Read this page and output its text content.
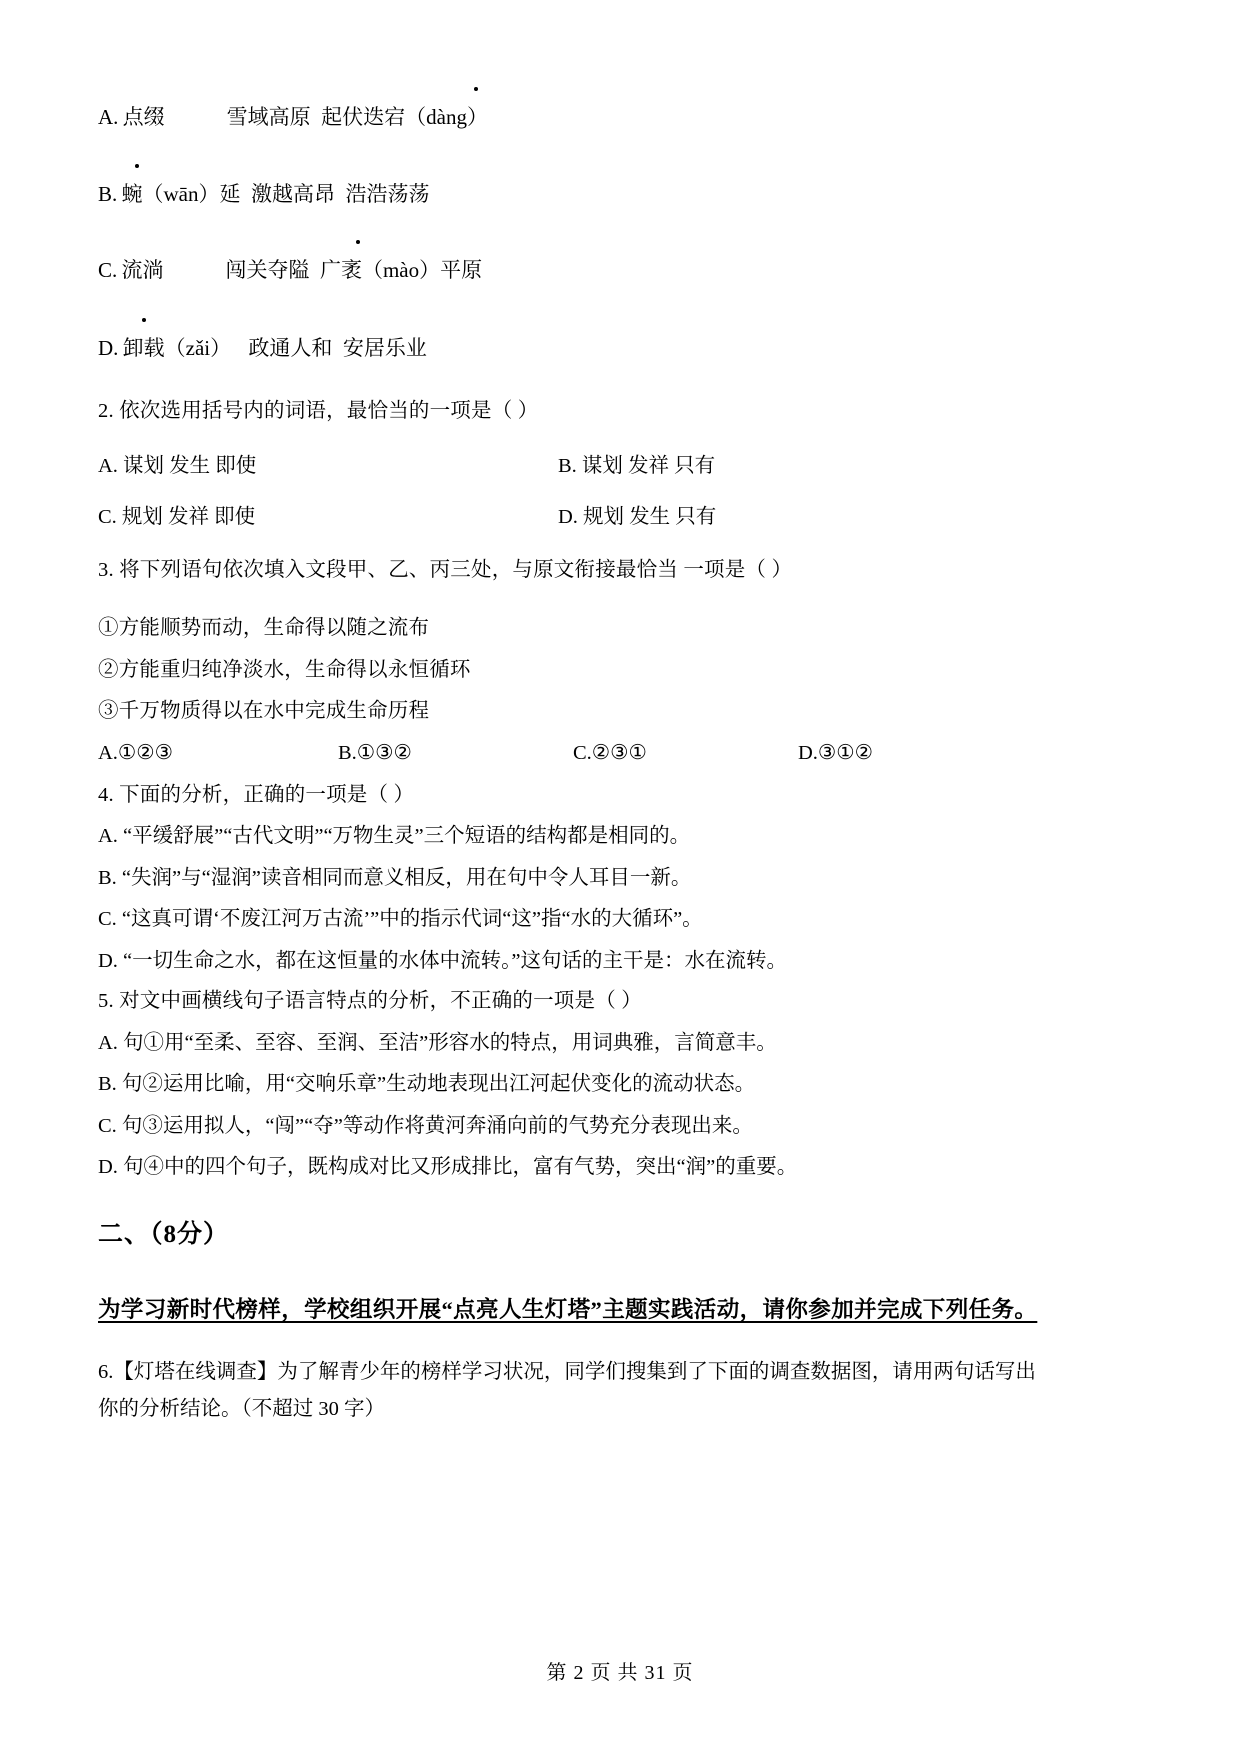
A. 点缀	雪域高原  起伏迭宕（dàng）
B. 蜿（wān）延  激越高昂  浩浩荡荡
C. 流淌	闯关夺隘  广袤（mào）平原
D. 卸载（zǎi） 政通人和  安居乐业
2. 依次选用括号内的词语，最恰当的一项是（ ）
A. 谋划 发生 即使	B. 谋划 发祥 只有
C. 规划 发祥 即使	D. 规划 发生 只有
3. 将下列语句依次填入文段甲、乙、丙三处，与原文衔接最恰当 一项是（ ）
①方能顺势而动，生命得以随之流布
②方能重归纯净淡水，生命得以永恒循环
③千万物质得以在水中完成生命历程
A.①②③	B.①③②	C.②③①	D.③①②
4. 下面的分析，正确的一项是（ ）
A. “平缓舒展”“古代文明”“万物生灵”三个短语的结构都是相同的。
B. “失润”与“湿润”读音相同而意义相反，用在句中令人耳目一新。
C. “这真可谓‘不废江河万古流’”中的指示代词“这”指“水的大循环”。
D. “一切生命之水，都在这恒量的水体中流转。”这句话的主干是：水在流转。
5. 对文中画横线句子语言特点的分析，不正确的一项是（ ）
A. 句①用“至柔、至容、至润、至洁”形容水的特点，用词典雅，言简意丰。
B. 句②运用比喻，用“交响乐章”生动地表现出江河起伏变化的流动状态。
C. 句③运用拟人，“闯”“夺”等动作将黄河奔涌向前的气势充分表现出来。
D. 句④中的四个句子，既构成对比又形成排比，富有气势，突出“润”的重要。
二、（8分）
为学习新时代榜样，学校组织开展“点亮人生灯塔”主题实践活动，请你参加并完成下列任务。
6.【灯塔在线调查】为了解青少年的榜样学习状况，同学们搜集到了下面的调查数据图，请用两句话写出
你的分析结论。（不超过 30 字）
第 2 页 共 31 页
